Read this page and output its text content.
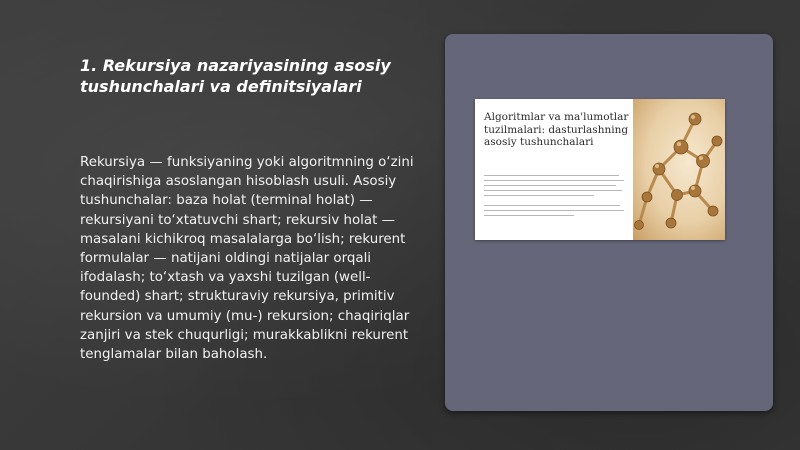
1. Rekursiya nazariyasining asosiy tushunchalari va definitsiyalari
Rekursiya — funksiyaning yoki algoritmning o‘zini chaqirishiga asoslangan hisoblash usuli. Asosiy tushunchalar: baza holat (terminal holat) — rekursiyani to‘xtatuvchi shart; rekursiv holat — masalani kichikroq masalalarga bo‘lish; rekurent formulalar — natijani oldingi natijalar orqali ifodalash; to‘xtash va yaxshi tuzilgan (well-founded) shart; strukturaviy rekursiya, primitiv rekursion va umumiy (mu-) rekursion; chaqiriqlar zanjiri va stek chuqurligi; murakkablikni rekurent tenglamalar bilan baholash.
Algoritmlar va ma'lumotlar tuzilmalari: dasturlashning asosiy tushunchalari
